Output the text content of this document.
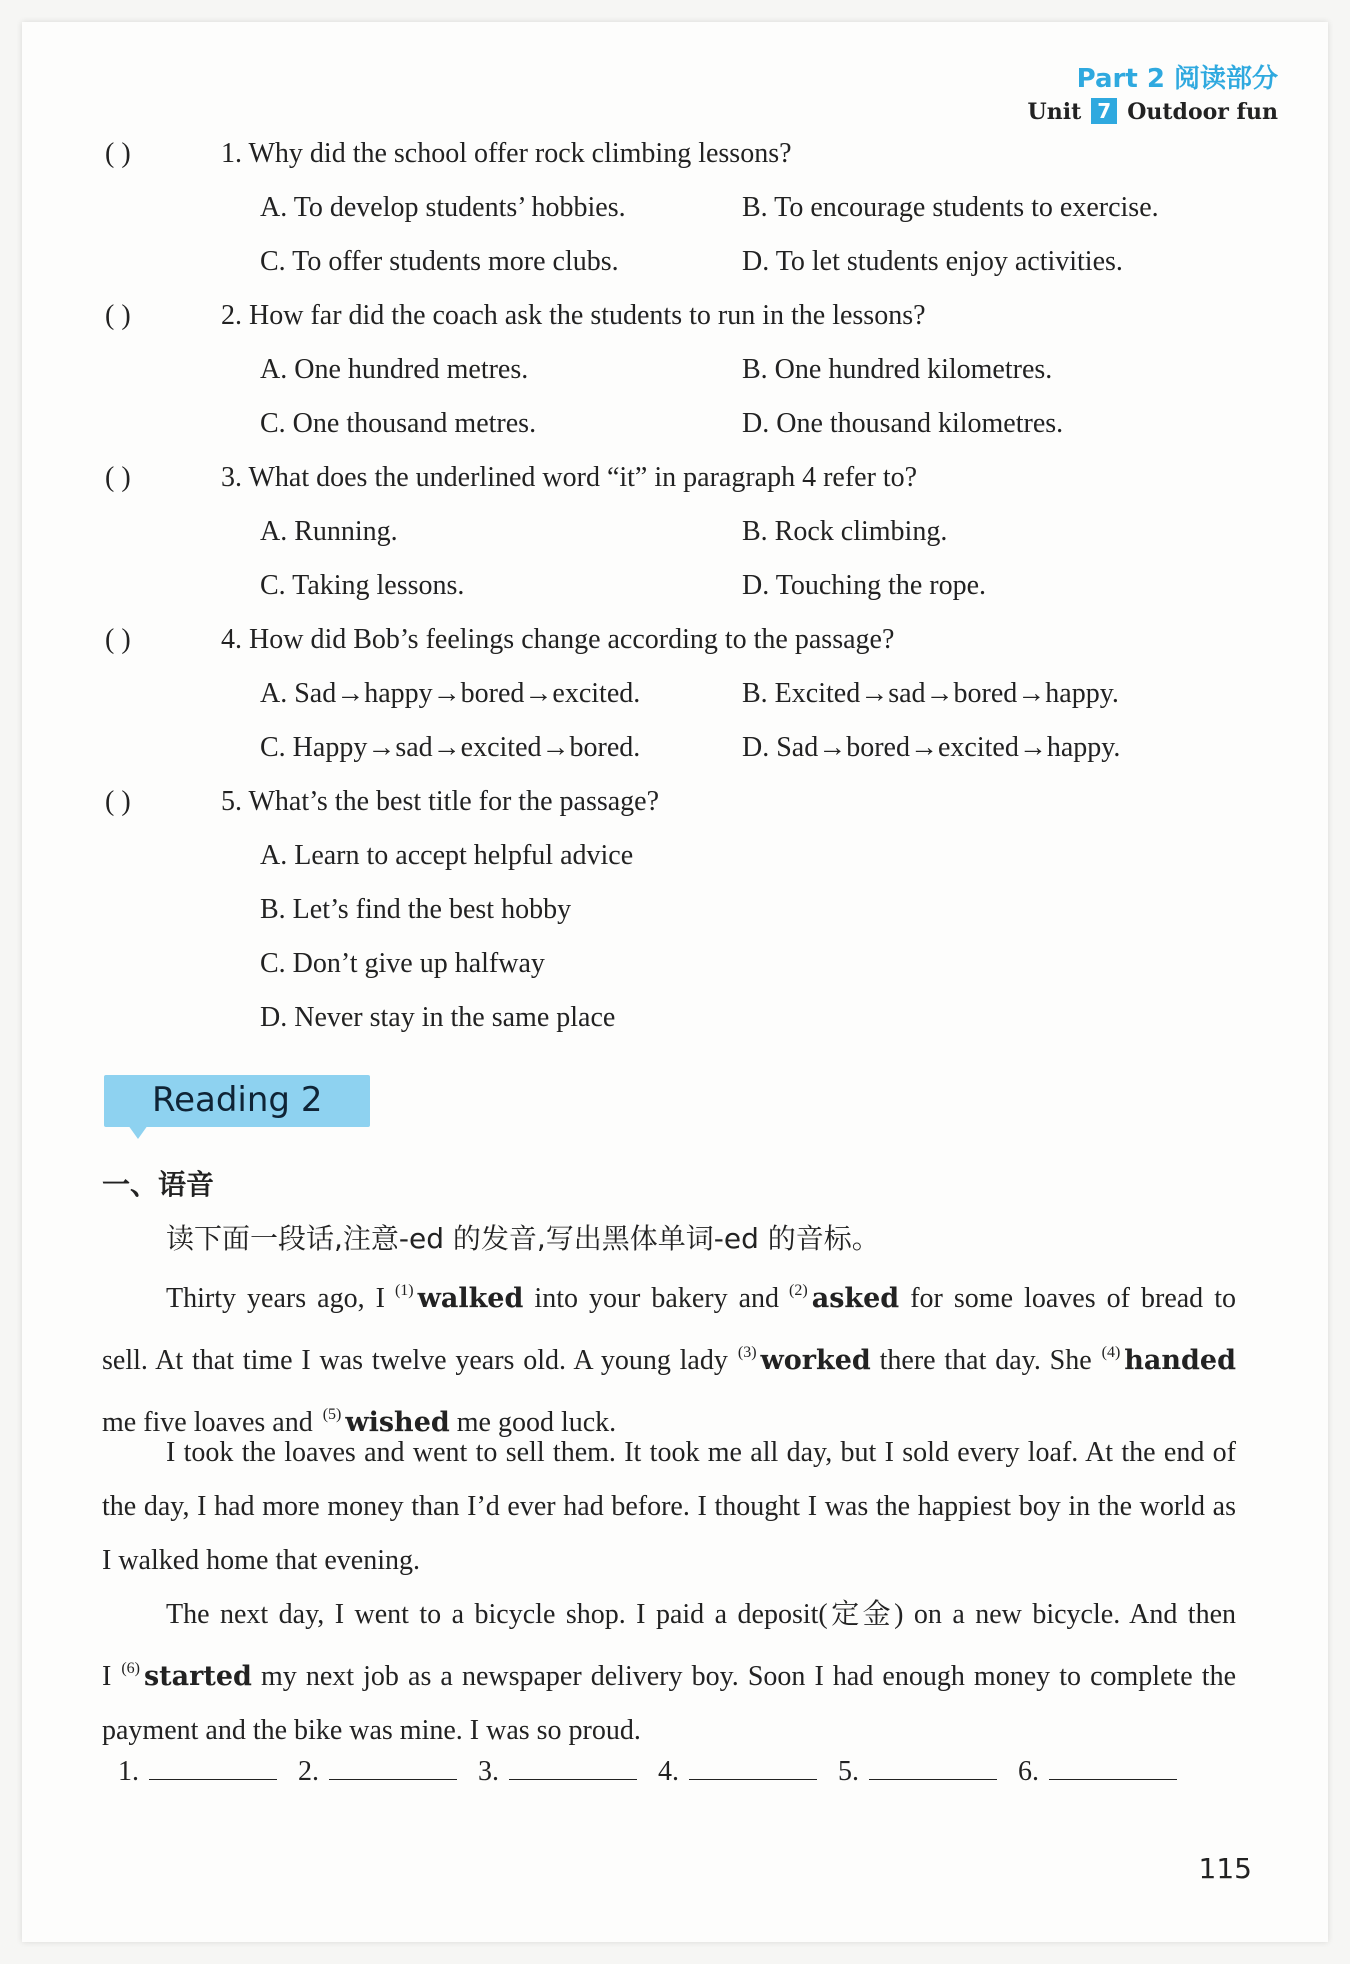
Part 2 阅读部分
Unit 7 Outdoor fun
( )	1. Why did the school offer rock climbing lessons?
A. To develop students’ hobbies.	B. To encourage students to exercise.
C. To offer students more clubs.	D. To let students enjoy activities.
( )	2. How far did the coach ask the students to run in the lessons?
A. One hundred metres.	B. One hundred kilometres.
C. One thousand metres.	D. One thousand kilometres.
( )	3. What does the underlined word “it” in paragraph 4 refer to?
A. Running.	B. Rock climbing.
C. Taking lessons.	D. Touching the rope.
( )	4. How did Bob’s feelings change according to the passage?
A. Sad→happy→bored→excited.	B. Excited→sad→bored→happy.
C. Happy→sad→excited→bored.	D. Sad→bored→excited→happy.
( )	5. What’s the best title for the passage?
A. Learn to accept helpful advice
B. Let’s find the best hobby
C. Don’t give up halfway
D. Never stay in the same place
Reading 2
一、语音
读下面一段话,注意-ed 的发音,写出黑体单词-ed 的音标。
Thirty years ago, I $^{(1)}$ walked into your bakery and $^{(2)}$ asked for some loaves of bread to sell. At that time I was twelve years old. A young lady $^{(3)}$ worked there that day. She $^{(4)}$ handed me five loaves and $^{(5)}$ wished me good luck.
I took the loaves and went to sell them. It took me all day, but I sold every loaf. At the end of the day, I had more money than I’d ever had before. I thought I was the happiest boy in the world as I walked home that evening.
The next day, I went to a bicycle shop. I paid a deposit(定金) on a new bicycle. And then I $^{(6)}$ started my next job as a newspaper delivery boy. Soon I had enough money to complete the payment and the bike was mine. I was so proud.
1.	2.	3.	4.	5.	6.
115
